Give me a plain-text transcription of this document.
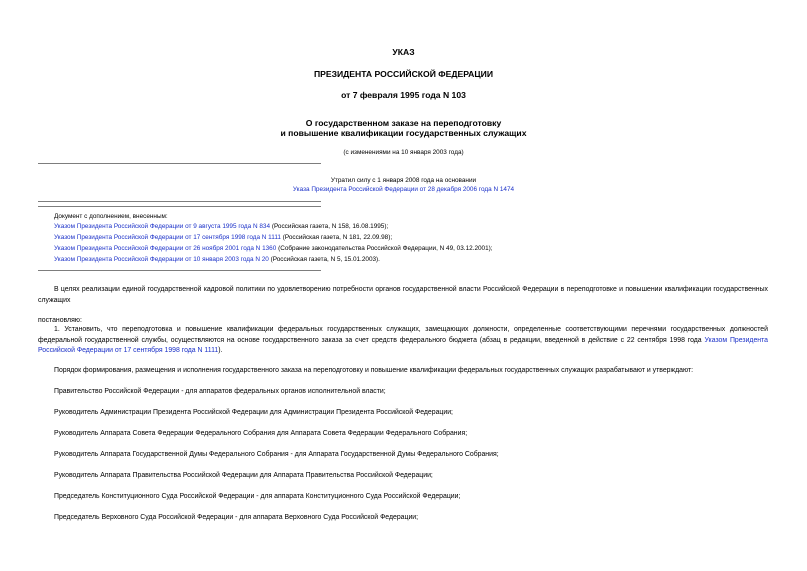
УКАЗ
ПРЕЗИДЕНТА РОССИЙСКОЙ ФЕДЕРАЦИИ
от 7 февраля 1995 года N 103
О государственном заказе на переподготовку
и повышение квалификации государственных служащих
(с изменениями на 10 января 2003 года)
Утратил силу с 1 января 2008 года на основании
Указа Президента Российской Федерации от 28 декабря 2006 года N 1474
Документ с дополнением, внесенным:
Указом Президента Российской Федерации от 9 августа 1995 года N 834 (Российская газета, N 158, 16.08.1995);
Указом Президента Российской Федерации от 17 сентября 1998 года N 1111 (Российская газета, N 181, 22.09.98);
Указом Президента Российской Федерации от 26 ноября 2001 года N 1360 (Собрание законодательства Российской Федерации, N 49, 03.12.2001);
Указом Президента Российской Федерации от 10 января 2003 года N 20 (Российская газета, N 5, 15.01.2003).
В целях реализации единой государственной кадровой политики по удовлетворению потребности органов государственной власти Российской Федерации в переподготовке и повышении квалификации государственных служащих
постановляю:
1. Установить, что переподготовка и повышение квалификации федеральных государственных служащих, замещающих должности, определенные соответствующими перечнями государственных должностей федеральной государственной службы, осуществляются на основе государственного заказа за счет средств федерального бюджета (абзац в редакции, введенной в действие с 22 сентября 1998 года Указом Президента Российской Федерации от 17 сентября 1998 года N 1111).
Порядок формирования, размещения и исполнения государственного заказа на переподготовку и повышение квалификации федеральных государственных служащих разрабатывают и утверждают:
Правительство Российской Федерации - для аппаратов федеральных органов исполнительной власти;
Руководитель Администрации Президента Российской Федерации для Администрации Президента Российской Федерации;
Руководитель Аппарата Совета Федерации Федерального Собрания для Аппарата Совета Федерации Федерального Собрания;
Руководитель Аппарата Государственной Думы Федерального Собрания - для Аппарата Государственной Думы Федерального Собрания;
Руководитель Аппарата Правительства Российской Федерации для Аппарата Правительства Российской Федерации;
Председатель Конституционного Суда Российской Федерации - для аппарата Конституционного Суда Российской Федерации;
Председатель Верховного Суда Российской Федерации - для аппарата Верховного Суда Российской Федерации;
